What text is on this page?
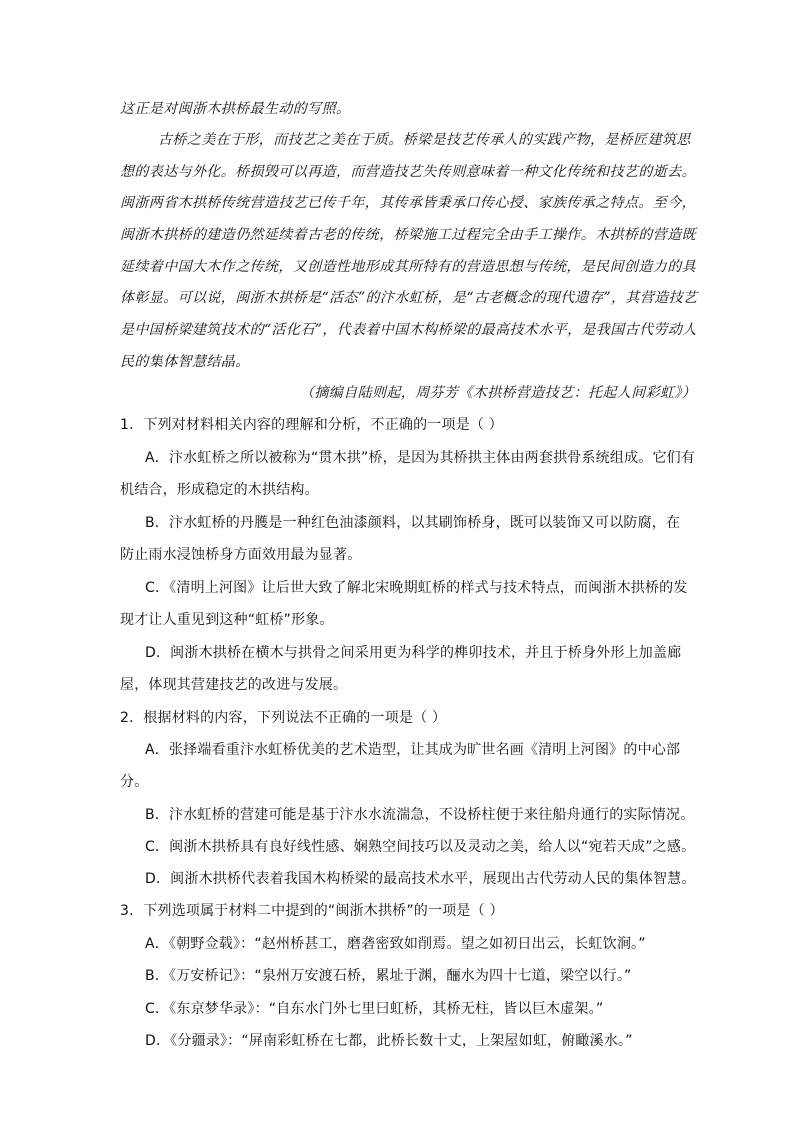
这正是对闽浙木拱桥最生动的写照。
古桥之美在于形，而技艺之美在于质。桥梁是技艺传承人的实践产物，是桥匠建筑思
想的表达与外化。桥损毁可以再造，而营造技艺失传则意味着一种文化传统和技艺的逝去。
闽浙两省木拱桥传统营造技艺已传千年，其传承皆秉承口传心授、家族传承之特点。至今，
闽浙木拱桥的建造仍然延续着古老的传统，桥梁施工过程完全由手工操作。木拱桥的营造既
延续着中国大木作之传统，又创造性地形成其所特有的营造思想与传统，是民间创造力的具
体彰显。可以说，闽浙木拱桥是“活态”的汴水虹桥，是“古老概念的现代遗存”，其营造技艺
是中国桥梁建筑技术的“活化石”，代表着中国木构桥梁的最高技术水平，是我国古代劳动人
民的集体智慧结晶。
（摘编自陆则起，周芬芳《木拱桥营造技艺：托起人间彩虹》）
1．下列对材料相关内容的理解和分析，不正确的一项是（ ）
A．汴水虹桥之所以被称为“贯木拱”桥，是因为其桥拱主体由两套拱骨系统组成。它们有
机结合，形成稳定的木拱结构。
B．汴水虹桥的丹臒是一种红色油漆颜料，以其刷饰桥身，既可以装饰又可以防腐，在
防止雨水浸蚀桥身方面效用最为显著。
C．《清明上河图》让后世大致了解北宋晚期虹桥的样式与技术特点，而闽浙木拱桥的发
现才让人重见到这种“虹桥”形象。
D．闽浙木拱桥在横木与拱骨之间采用更为科学的榫卯技术，并且于桥身外形上加盖廊
屋，体现其营建技艺的改进与发展。
2．根据材料的内容，下列说法不正确的一项是（ ）
A．张择端看重汴水虹桥优美的艺术造型，让其成为旷世名画《清明上河图》的中心部
分。
B．汴水虹桥的营建可能是基于汴水水流湍急，不设桥柱便于来往船舟通行的实际情况。
C．闽浙木拱桥具有良好线性感、娴熟空间技巧以及灵动之美，给人以“宛若天成”之感。
D．闽浙木拱桥代表着我国木构桥梁的最高技术水平，展现出古代劳动人民的集体智慧。
3．下列选项属于材料二中提到的“闽浙木拱桥”的一项是（ ）
A．《朝野佥载》：“赵州桥甚工，磨砻密致如削焉。望之如初日出云，长虹饮涧。”
B．《万安桥记》：“泉州万安渡石桥，累址于渊，酾水为四十七道，梁空以行。”
C．《东京梦华录》：“自东水门外七里曰虹桥，其桥无柱，皆以巨木虚架。”
D．《分疆录》：“屏南彩虹桥在七都，此桥长数十丈，上架屋如虹，俯瞰溪水。”
